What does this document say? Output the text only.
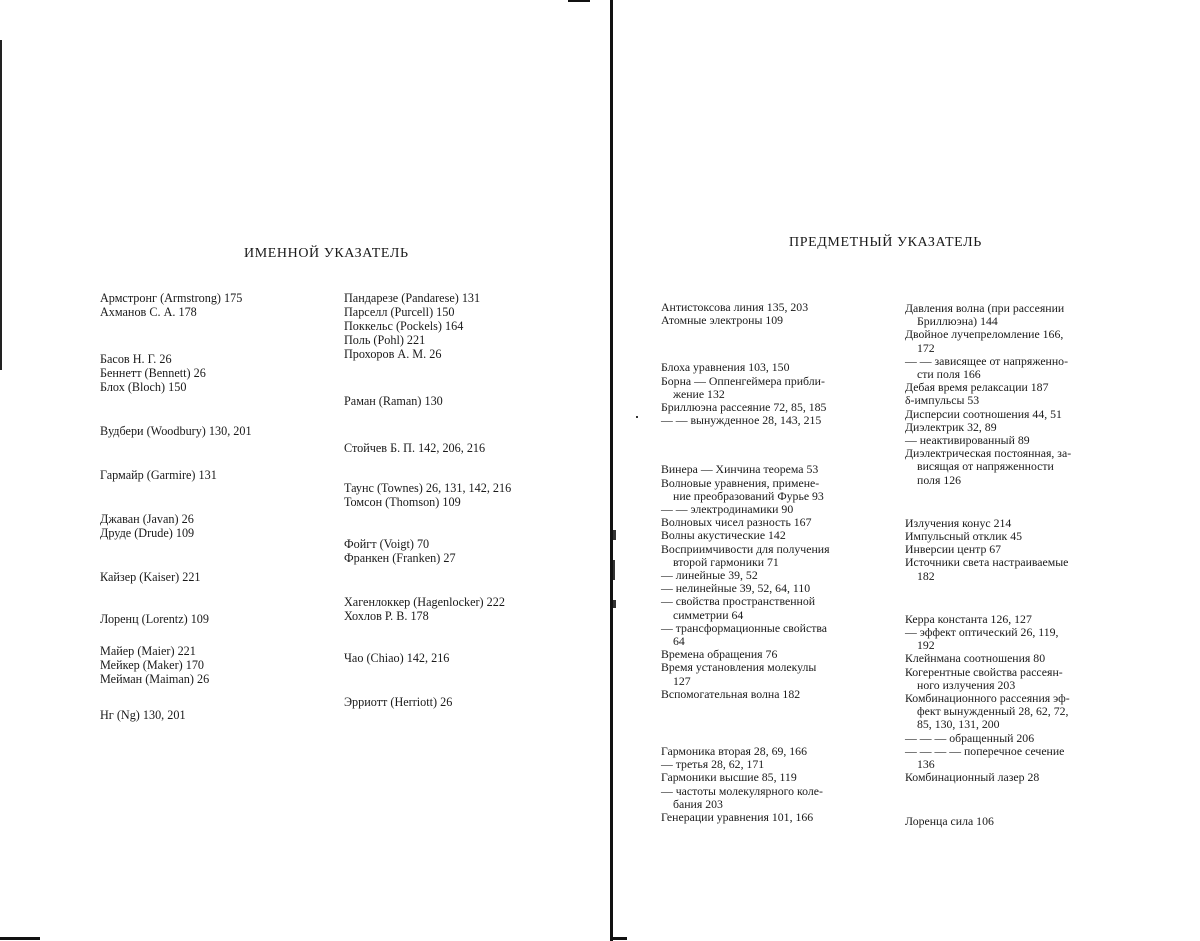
ИМЕННОЙ УКАЗАТЕЛЬ
Армстронг (Armstrong) 175
Ахманов С. А. 178
Басов Н. Г. 26
Беннетт (Bennett) 26
Блох (Bloch) 150
Вудбери (Woodbury) 130, 201
Гармайр (Garmire) 131
Джаван (Javan) 26
Друде (Drude) 109
Кайзер (Kaiser) 221
Лоренц (Lorentz) 109
Майер (Maier) 221
Мейкер (Maker) 170
Мейман (Maiman) 26
Нг (Ng) 130, 201
Пандарезе (Pandarese) 131
Парселл (Purcell) 150
Поккельс (Pockels) 164
Поль (Pohl) 221
Прохоров А. М. 26
Раман (Raman) 130
Стойчев Б. П. 142, 206, 216
Таунс (Townes) 26, 131, 142, 216
Томсон (Thomson) 109
Фойгт (Voigt) 70
Франкен (Franken) 27
Хагенлоккер (Hagenlocker) 222
Хохлов Р. В. 178
Чао (Chiao) 142, 216
Эрриотт (Herriott) 26
ПРЕДМЕТНЫЙ УКАЗАТЕЛЬ
Антистоксова линия 135, 203
Атомные электроны 109
Блоха уравнения 103, 150
Борна — Оппенгеймера прибли-
жение 132
Бриллюэна рассеяние 72, 85, 185
— — вынужденное 28, 143, 215
Винера — Хинчина теорема 53
Волновые уравнения, примене-
ние преобразований Фурье 93
— — электродинамики 90
Волновых чисел разность 167
Волны акустические 142
Восприимчивости для получения
второй гармоники 71
— линейные 39, 52
— нелинейные 39, 52, 64, 110
— свойства пространственной
симметрии 64
— трансформационные свойства
64
Времена обращения 76
Время установления молекулы
127
Вспомогательная волна 182
Гармоника вторая 28, 69, 166
— третья 28, 62, 171
Гармоники высшие 85, 119
— частоты молекулярного коле-
бания 203
Генерации уравнения 101, 166
Давления волна (при рассеянии
Бриллюэна) 144
Двойное лучепреломление 166,
172
— — зависящее от напряженно-
сти поля 166
Дебая время релаксации 187
δ-импульсы 53
Дисперсии соотношения 44, 51
Диэлектрик 32, 89
— неактивированный 89
Диэлектрическая постоянная, за-
висящая от напряженности
поля 126
Излучения конус 214
Импульсный отклик 45
Инверсии центр 67
Источники света настраиваемые
182
Керра константа 126, 127
— эффект оптический 26, 119,
192
Клейнмана соотношения 80
Когерентные свойства рассеян-
ного излучения 203
Комбинационного рассеяния эф-
фект вынужденный 28, 62, 72,
85, 130, 131, 200
— — — обращенный 206
— — — — поперечное сечение
136
Комбинационный лазер 28
Лоренца сила 106
